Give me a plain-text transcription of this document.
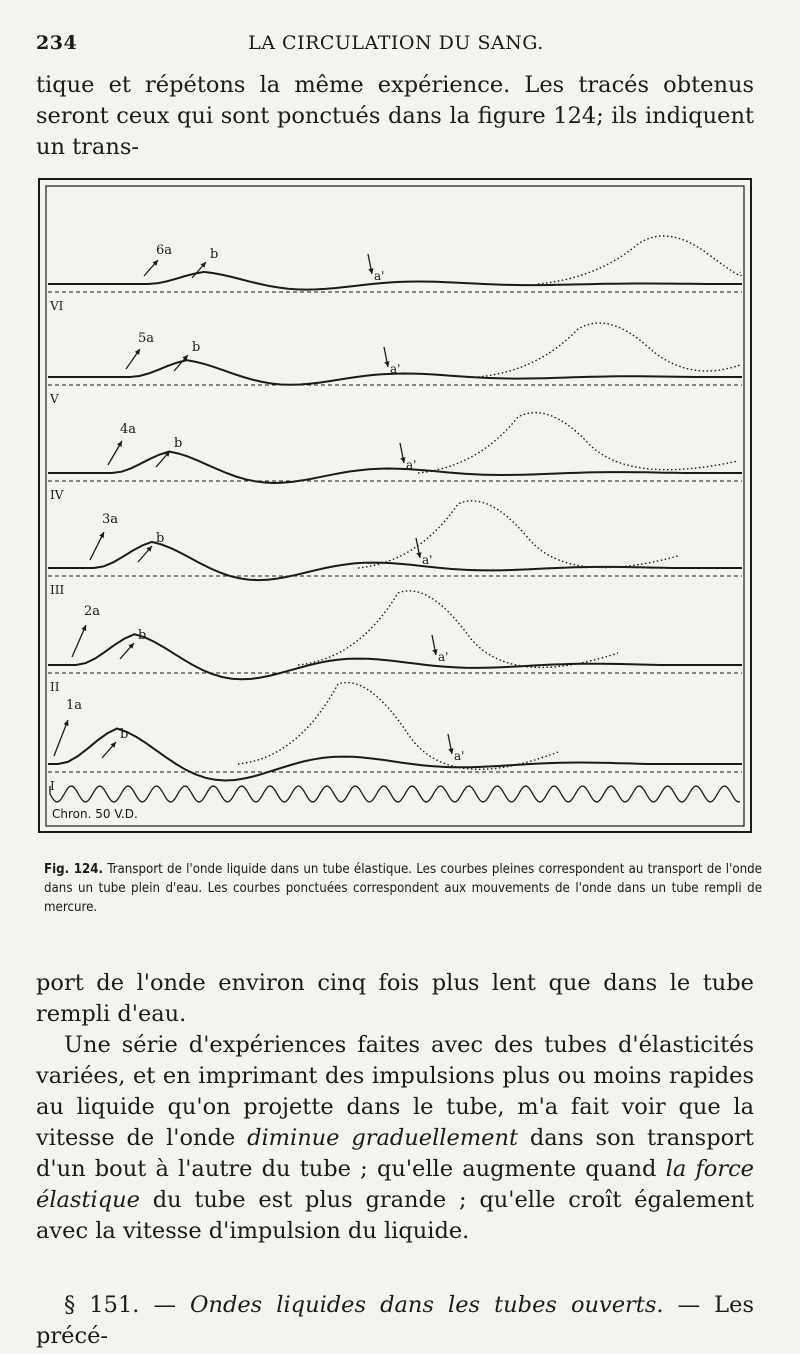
234	LA CIRCULATION DU SANG.

tique et répétons la même expérience. Les tracés obtenus seront ceux qui sont ponctués dans la figure 124; ils indiquent un trans-

VI
6a	b
a'
V
5a
b
a'
IV
4a
b
a'
III
3a
b
a'
II
2a
b
a'
I
1a
b
a'
Chron. 50 V.D.
Fig. 124. Transport de l'onde liquide dans un tube élastique. Les courbes pleines correspondent au transport de l'onde dans un tube plein d'eau. Les courbes ponctuées correspondent aux mouvements de l'onde dans un tube rempli de mercure.

port de l'onde environ cinq fois plus lent que dans le tube rempli d'eau.

Une série d'expériences faites avec des tubes d'élasticités variées, et en imprimant des impulsions plus ou moins rapides au liquide qu'on projette dans le tube, m'a fait voir que la vitesse de l'onde diminue graduellement dans son transport d'un bout à l'autre du tube ; qu'elle augmente quand la force élastique du tube est plus grande ; qu'elle croît également avec la vitesse d'impulsion du liquide.

§ 151. — Ondes liquides dans les tubes ouverts. — Les précé-
